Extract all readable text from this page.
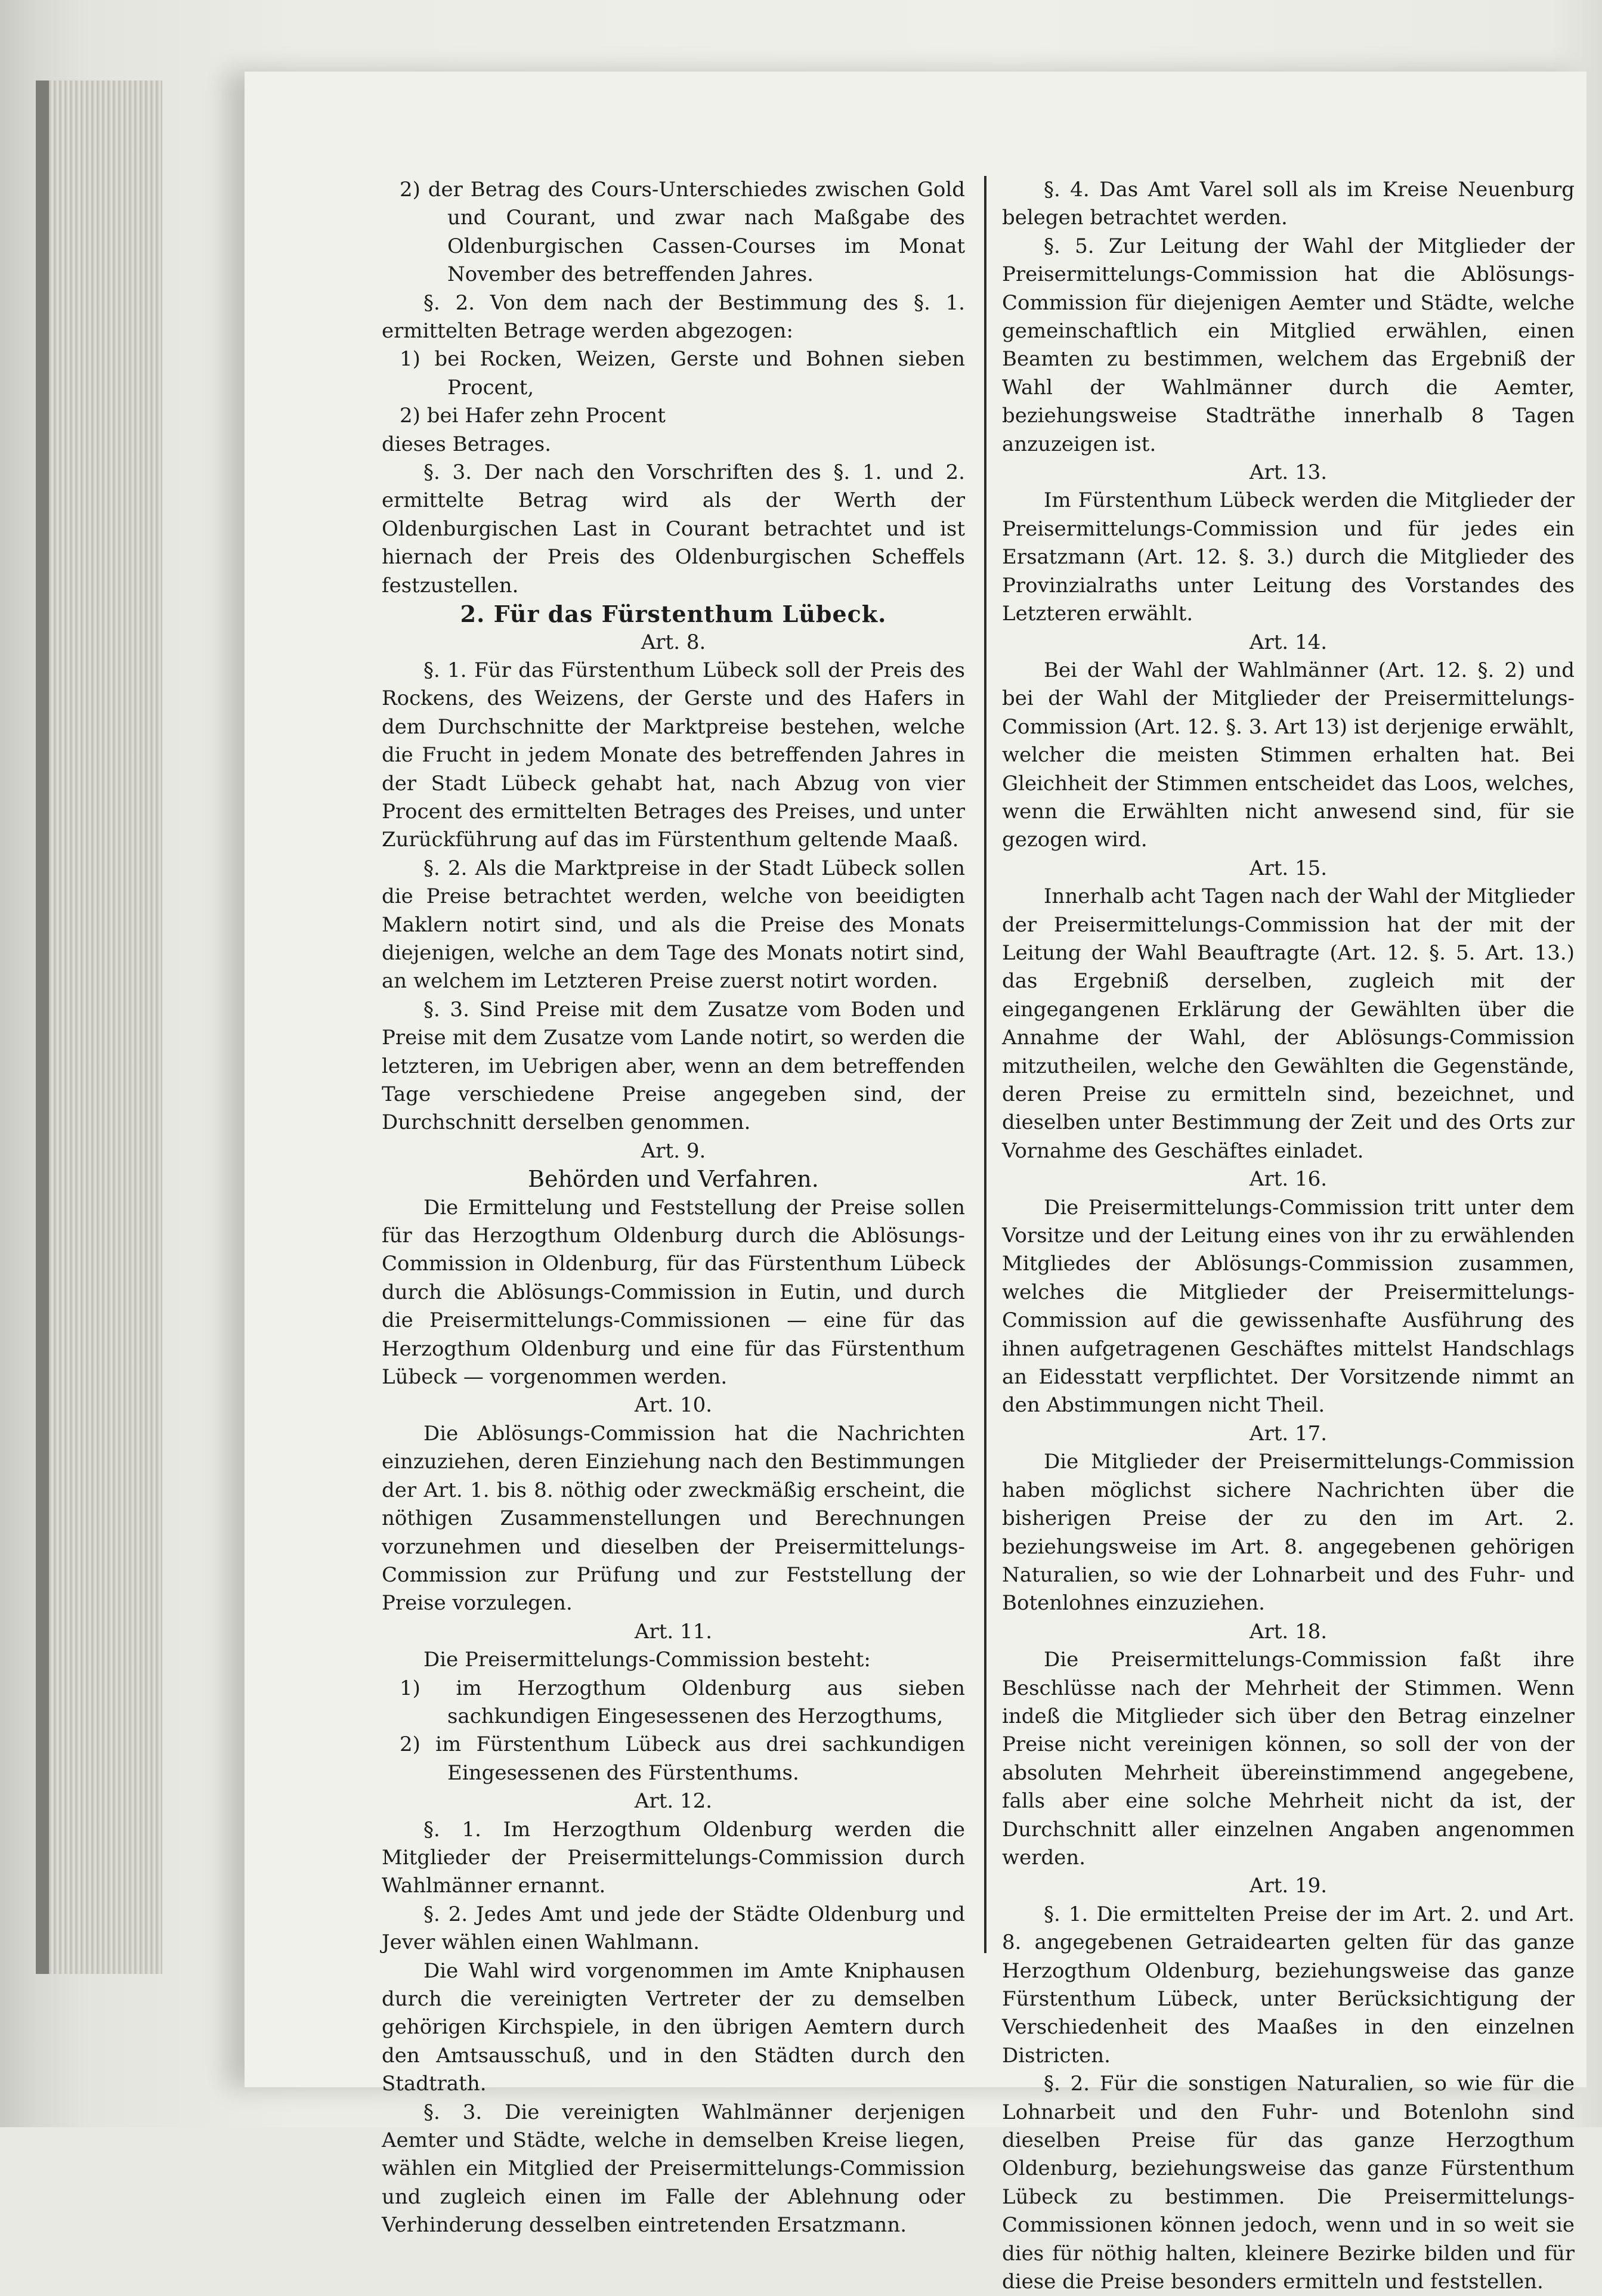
2) der Betrag des Cours-Unterschiedes zwischen Gold und Courant, und zwar nach Maßgabe des Oldenburgischen Cassen-Courses im Monat November des betreffenden Jahres.

§. 2. Von dem nach der Bestimmung des §. 1. ermittelten Betrage werden abgezogen:

1) bei Rocken, Weizen, Gerste und Bohnen sieben Procent,

2) bei Hafer zehn Procent

dieses Betrages.

§. 3. Der nach den Vorschriften des §. 1. und 2. ermittelte Betrag wird als der Werth der Oldenburgischen Last in Courant betrachtet und ist hiernach der Preis des Oldenburgischen Scheffels festzustellen.

2. Für das Fürstenthum Lübeck.

Art. 8.

§. 1. Für das Fürstenthum Lübeck soll der Preis des Rockens, des Weizens, der Gerste und des Hafers in dem Durchschnitte der Marktpreise bestehen, welche die Frucht in jedem Monate des betreffenden Jahres in der Stadt Lübeck gehabt hat, nach Abzug von vier Procent des ermittelten Betrages des Preises, und unter Zurückführung auf das im Fürstenthum geltende Maaß.

§. 2. Als die Marktpreise in der Stadt Lübeck sollen die Preise betrachtet werden, welche von beeidigten Maklern notirt sind, und als die Preise des Monats diejenigen, welche an dem Tage des Monats notirt sind, an welchem im Letzteren Preise zuerst notirt worden.

§. 3. Sind Preise mit dem Zusatze vom Boden und Preise mit dem Zusatze vom Lande notirt, so werden die letzteren, im Uebrigen aber, wenn an dem betreffenden Tage verschiedene Preise angegeben sind, der Durchschnitt derselben genommen.

Art. 9.

Behörden und Verfahren.

Die Ermittelung und Feststellung der Preise sollen für das Herzogthum Oldenburg durch die Ablösungs-Commission in Oldenburg, für das Fürstenthum Lübeck durch die Ablösungs-Commission in Eutin, und durch die Preisermittelungs-Commissionen — eine für das Herzogthum Oldenburg und eine für das Fürstenthum Lübeck — vorgenommen werden.

Art. 10.

Die Ablösungs-Commission hat die Nachrichten einzuziehen, deren Einziehung nach den Bestimmungen der Art. 1. bis 8. nöthig oder zweckmäßig erscheint, die nöthigen Zusammenstellungen und Berechnungen vorzunehmen und dieselben der Preisermittelungs-Commission zur Prüfung und zur Feststellung der Preise vorzulegen.

Art. 11.

Die Preisermittelungs-Commission besteht:

1) im Herzogthum Oldenburg aus sieben sachkundigen Eingesessenen des Herzogthums,

2) im Fürstenthum Lübeck aus drei sachkundigen Eingesessenen des Fürstenthums.

Art. 12.

§. 1. Im Herzogthum Oldenburg werden die Mitglieder der Preisermittelungs-Commission durch Wahlmänner ernannt.

§. 2. Jedes Amt und jede der Städte Oldenburg und Jever wählen einen Wahlmann.

Die Wahl wird vorgenommen im Amte Kniphausen durch die vereinigten Vertreter der zu demselben gehörigen Kirchspiele, in den übrigen Aemtern durch den Amtsausschuß, und in den Städten durch den Stadtrath.

§. 3. Die vereinigten Wahlmänner derjenigen Aemter und Städte, welche in demselben Kreise liegen, wählen ein Mitglied der Preisermittelungs-Commission und zugleich einen im Falle der Ablehnung oder Verhinderung desselben eintretenden Ersatzmann.

§. 4. Das Amt Varel soll als im Kreise Neuenburg belegen betrachtet werden.

§. 5. Zur Leitung der Wahl der Mitglieder der Preisermittelungs-Commission hat die Ablösungs-Commission für diejenigen Aemter und Städte, welche gemeinschaftlich ein Mitglied erwählen, einen Beamten zu bestimmen, welchem das Ergebniß der Wahl der Wahlmänner durch die Aemter, beziehungsweise Stadträthe innerhalb 8 Tagen anzuzeigen ist.

Art. 13.

Im Fürstenthum Lübeck werden die Mitglieder der Preisermittelungs-Commission und für jedes ein Ersatzmann (Art. 12. §. 3.) durch die Mitglieder des Provinzialraths unter Leitung des Vorstandes des Letzteren erwählt.

Art. 14.

Bei der Wahl der Wahlmänner (Art. 12. §. 2) und bei der Wahl der Mitglieder der Preisermittelungs-Commission (Art. 12. §. 3. Art 13) ist derjenige erwählt, welcher die meisten Stimmen erhalten hat. Bei Gleichheit der Stimmen entscheidet das Loos, welches, wenn die Erwählten nicht anwesend sind, für sie gezogen wird.

Art. 15.

Innerhalb acht Tagen nach der Wahl der Mitglieder der Preisermittelungs-Commission hat der mit der Leitung der Wahl Beauftragte (Art. 12. §. 5. Art. 13.) das Ergebniß derselben, zugleich mit der eingegangenen Erklärung der Gewählten über die Annahme der Wahl, der Ablösungs-Commission mitzutheilen, welche den Gewählten die Gegenstände, deren Preise zu ermitteln sind, bezeichnet, und dieselben unter Bestimmung der Zeit und des Orts zur Vornahme des Geschäftes einladet.

Art. 16.

Die Preisermittelungs-Commission tritt unter dem Vorsitze und der Leitung eines von ihr zu erwählenden Mitgliedes der Ablösungs-Commission zusammen, welches die Mitglieder der Preisermittelungs-Commission auf die gewissenhafte Ausführung des ihnen aufgetragenen Geschäftes mittelst Handschlags an Eidesstatt verpflichtet. Der Vorsitzende nimmt an den Abstimmungen nicht Theil.

Art. 17.

Die Mitglieder der Preisermittelungs-Commission haben möglichst sichere Nachrichten über die bisherigen Preise der zu den im Art. 2. beziehungsweise im Art. 8. angegebenen gehörigen Naturalien, so wie der Lohnarbeit und des Fuhr- und Botenlohnes einzuziehen.

Art. 18.

Die Preisermittelungs-Commission faßt ihre Beschlüsse nach der Mehrheit der Stimmen. Wenn indeß die Mitglieder sich über den Betrag einzelner Preise nicht vereinigen können, so soll der von der absoluten Mehrheit übereinstimmend angegebene, falls aber eine solche Mehrheit nicht da ist, der Durchschnitt aller einzelnen Angaben angenommen werden.

Art. 19.

§. 1. Die ermittelten Preise der im Art. 2. und Art. 8. angegebenen Getraidearten gelten für das ganze Herzogthum Oldenburg, beziehungsweise das ganze Fürstenthum Lübeck, unter Berücksichtigung der Verschiedenheit des Maaßes in den einzelnen Districten.

§. 2. Für die sonstigen Naturalien, so wie für die Lohnarbeit und den Fuhr- und Botenlohn sind dieselben Preise für das ganze Herzogthum Oldenburg, beziehungsweise das ganze Fürstenthum Lübeck zu bestimmen. Die Preisermittelungs-Commissionen können jedoch, wenn und in so weit sie dies für nöthig halten, kleinere Bezirke bilden und für diese die Preise besonders ermitteln und feststellen.
